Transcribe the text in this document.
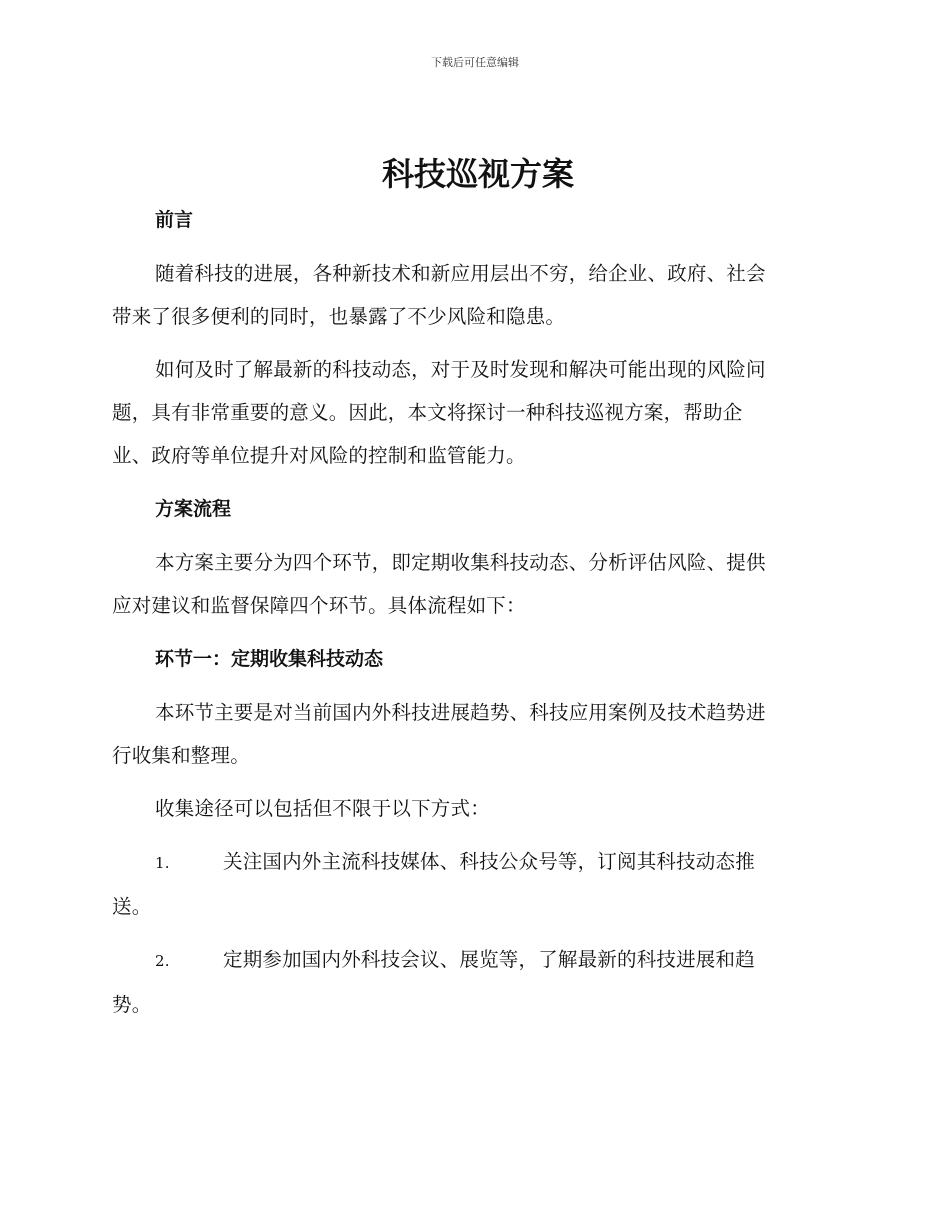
下载后可任意编辑
科技巡视方案
前言

随着科技的进展，各种新技术和新应用层出不穷，给企业、政府、社会

带来了很多便利的同时，也暴露了不少风险和隐患。

如何及时了解最新的科技动态，对于及时发现和解决可能出现的风险问

题，具有非常重要的意义。因此，本文将探讨一种科技巡视方案，帮助企

业、政府等单位提升对风险的控制和监管能力。

方案流程

本方案主要分为四个环节，即定期收集科技动态、分析评估风险、提供

应对建议和监督保障四个环节。具体流程如下：

环节一：定期收集科技动态

本环节主要是对当前国内外科技进展趋势、科技应用案例及技术趋势进

行收集和整理。

收集途径可以包括但不限于以下方式：

1.	关注国内外主流科技媒体、科技公众号等，订阅其科技动态推

送。

2.	定期参加国内外科技会议、展览等，了解最新的科技进展和趋

势。
